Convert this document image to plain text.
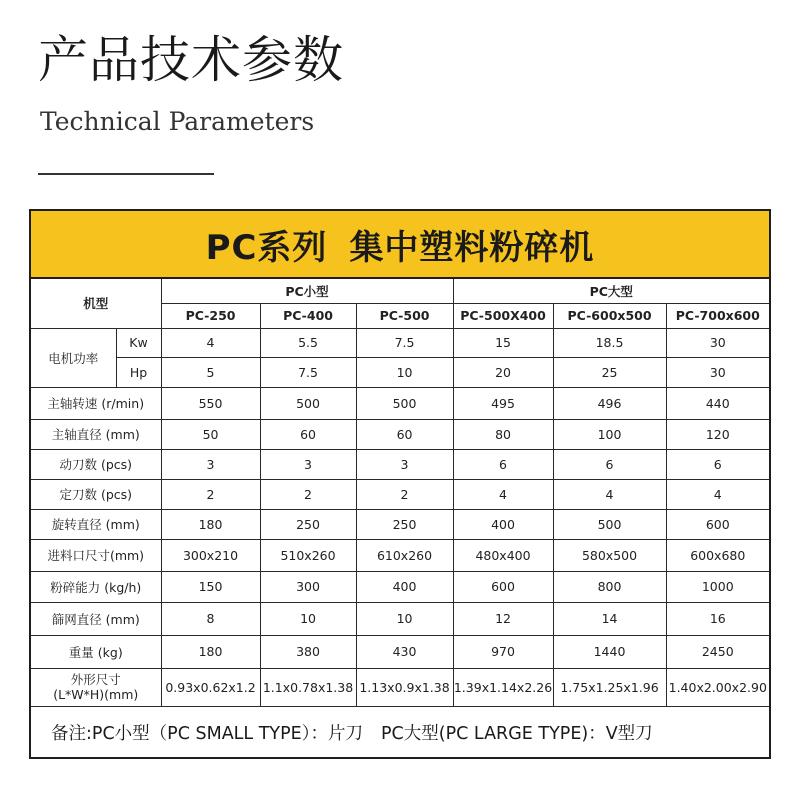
产品技术参数
Technical Parameters
PC系列 集中塑料粉碎机
机型		PC小型			PC大型		
		PC-250	PC-400	PC-500	PC-500X400	PC-600x500	PC-700x600
电机功率	Kw	4	5.5	7.5	15	18.5	30
	Hp	5	7.5	10	20	25	30
主轴转速 (r/min)		550	500	500	495	496	440
主轴直径 (mm)		50	60	60	80	100	120
动刀数 (pcs)		3	3	3	6	6	6
定刀数 (pcs)		2	2	2	4	4	4
旋转直径 (mm)		180	250	250	400	500	600
进料口尺寸(mm)		300x210	510x260	610x260	480x400	580x500	600x680
粉碎能力 (kg/h)		150	300	400	600	800	1000
篩网直径 (mm)		8	10	10	12	14	16
重量 (kg)		180	380	430	970	1440	2450

外形尺寸
(L*W*H)(mm)		0.93x0.62x1.2	1.1x0.78x1.38	1.13x0.9x1.38	1.39x1.14x2.26	1.75x1.25x1.96	1.40x2.00x2.90
备注:PC小型（PC SMALL TYPE）：片刀 PC大型(PC LARGE TYPE)：V型刀
